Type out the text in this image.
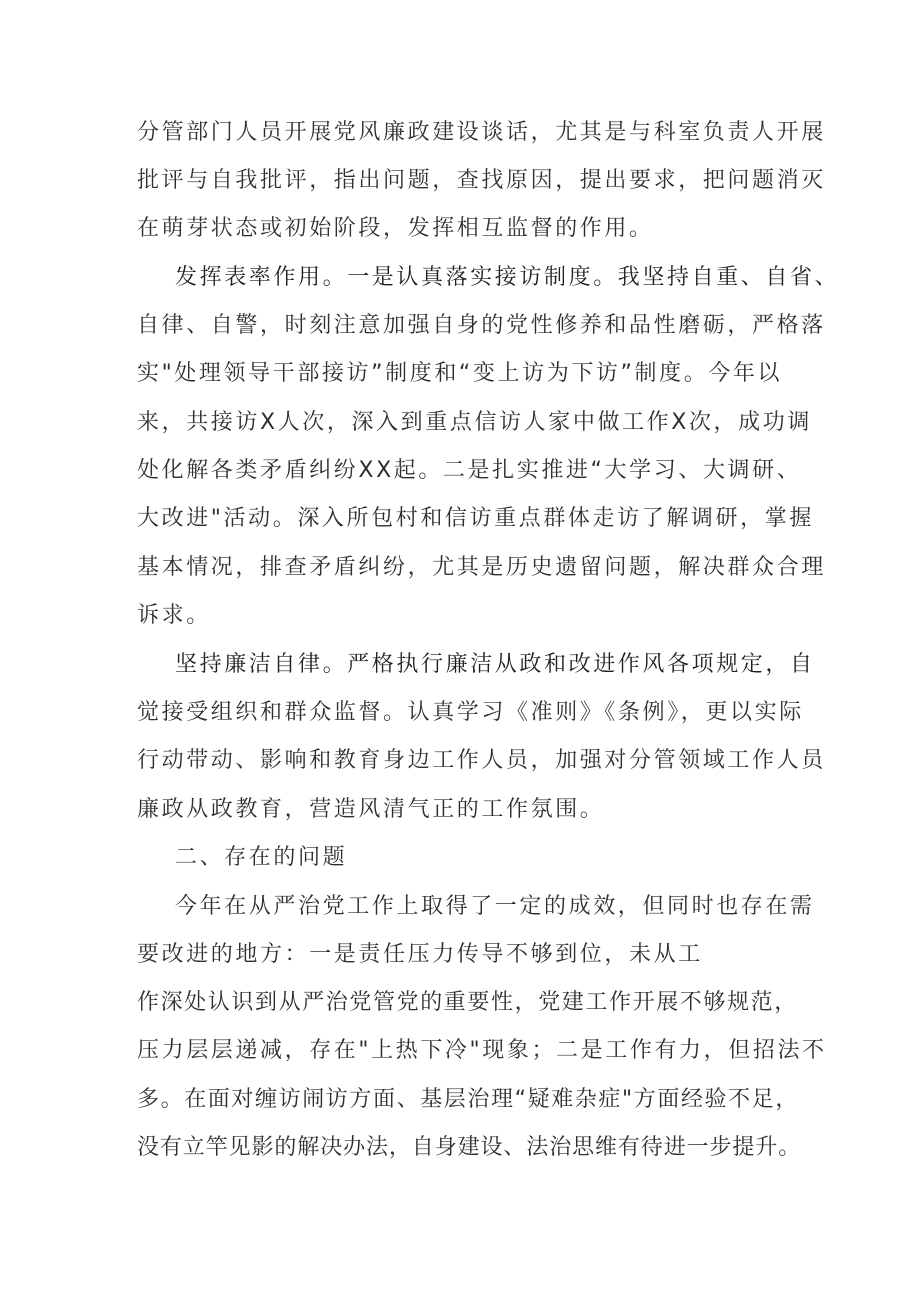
分管部门人员开展党风廉政建设谈话，尤其是与科室负责人开展
批评与自我批评，指出问题，查找原因，提出要求，把问题消灭
在萌芽状态或初始阶段，发挥相互监督的作用。
发挥表率作用。一是认真落实接访制度。我坚持自重、自省、
自律、自警，时刻注意加强自身的党性修养和品性磨砺，严格落
实"处理领导干部接访”制度和“变上访为下访”制度。今年以
来，共接访X人次，深入到重点信访人家中做工作X次，成功调
处化解各类矛盾纠纷XX起。二是扎实推进“大学习、大调研、
大改进"活动。深入所包村和信访重点群体走访了解调研，掌握
基本情况，排查矛盾纠纷，尤其是历史遗留问题，解决群众合理
诉求。
坚持廉洁自律。严格执行廉洁从政和改进作风各项规定，自
觉接受组织和群众监督。认真学习《准则》《条例》，更以实际
行动带动、影响和教育身边工作人员，加强对分管领域工作人员
廉政从政教育，营造风清气正的工作氛围。
二、存在的问题
今年在从严治党工作上取得了一定的成效，但同时也存在需
要改进的地方：一是责任压力传导不够到位，未从工
作深处认识到从严治党管党的重要性，党建工作开展不够规范，
压力层层递减，存在"上热下冷"现象；二是工作有力，但招法不
多。在面对缠访闹访方面、基层治理“疑难杂症"方面经验不足，
没有立竿见影的解决办法，自身建设、法治思维有待进一步提升。
